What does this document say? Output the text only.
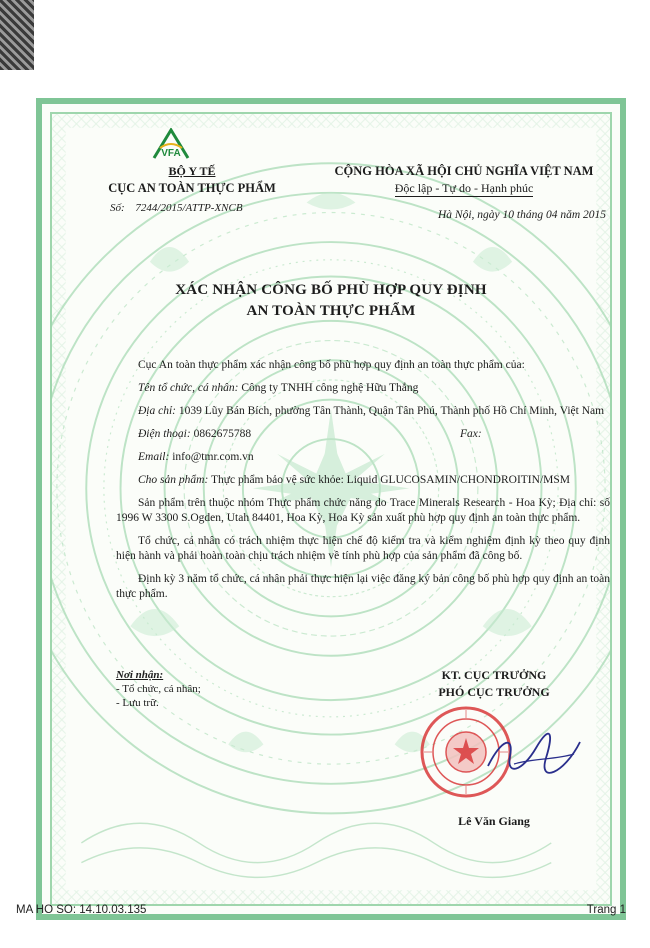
BỘ Y TẾ
CỤC AN TOÀN THỰC PHẨM
Số: 7244/2015/ATTP-XNCB
VFA
CỘNG HÒA XÃ HỘI CHỦ NGHĨA VIỆT NAM
Độc lập - Tự do - Hạnh phúc
Hà Nội, ngày 10 tháng 04 năm 2015
XÁC NHẬN CÔNG BỐ PHÙ HỢP QUY ĐỊNH
AN TOÀN THỰC PHẨM
Cục An toàn thực phẩm xác nhận công bố phù hợp quy định an toàn thực phẩm của:
Tên tổ chức, cá nhân: Công ty TNHH công nghệ Hữu Thắng
Địa chỉ: 1039 Lũy Bán Bích, phường Tân Thành, Quận Tân Phú, Thành phố Hồ Chí Minh, Việt Nam
Điện thoại: 0862675788	Fax:
Email: info@tmr.com.vn
Cho sản phẩm: Thực phẩm bảo vệ sức khỏe: Liquid GLUCOSAMIN/CHONDROITIN/MSM
Sản phẩm trên thuộc nhóm Thực phẩm chức năng do Trace Minerals Research - Hoa Kỳ; Địa chỉ: số 1996 W 3300 S.Ogden, Utah 84401, Hoa Kỳ, Hoa Kỳ sản xuất phù hợp quy định an toàn thực phẩm.
Tổ chức, cá nhân có trách nhiệm thực hiện chế độ kiểm tra và kiểm nghiệm định kỳ theo quy định hiện hành và phải hoàn toàn chịu trách nhiệm về tính phù hợp của sản phẩm đã công bố.
Định kỳ 3 năm tổ chức, cá nhân phải thực hiện lại việc đăng ký bản công bố phù hợp quy định an toàn thực phẩm.
Nơi nhận:
- Tổ chức, cá nhân;
- Lưu trữ.
KT. CỤC TRƯỞNG
PHÓ CỤC TRƯỞNG
Lê Văn Giang
MA HO SO: 14.10.03.135	Trang 1
